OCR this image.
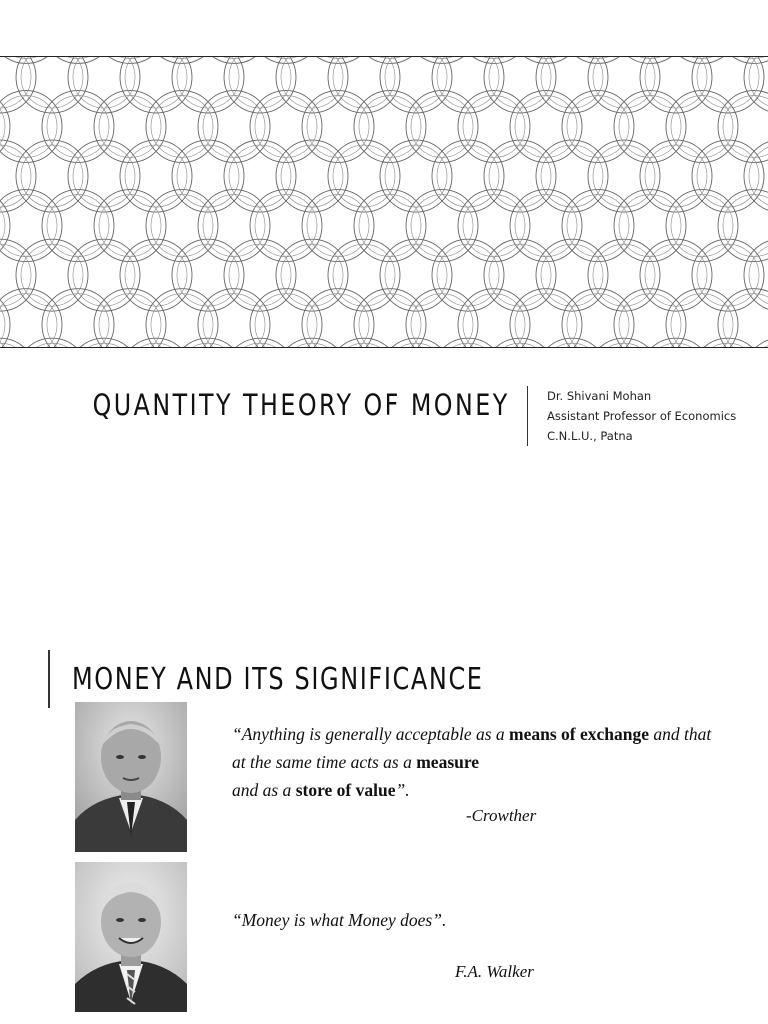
QUANTITY THEORY OF MONEY	Dr. Shivani Mohan
Assistant Professor of Economics
C.N.L.U., Patna
MONEY AND ITS SIGNIFICANCE
“Anything is generally acceptable as a means of exchange and that at the same time acts as a measure
and as a store of value”.
-Crowther
“Money is what Money does”.
F.A. Walker
